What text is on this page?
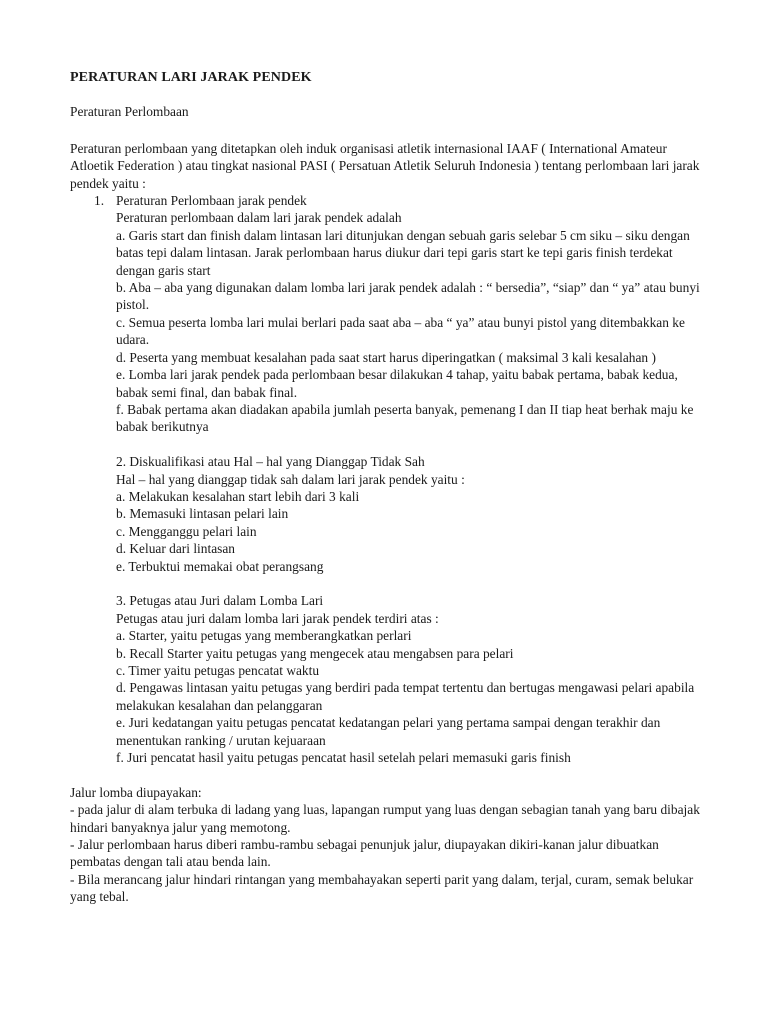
PERATURAN LARI JARAK PENDEK

Peraturan Perlombaan

Peraturan perlombaan yang ditetapkan oleh induk organisasi atletik internasional IAAF ( International Amateur Atloetik Federation ) atau tingkat nasional PASI ( Persatuan Atletik Seluruh Indonesia ) tentang perlombaan lari jarak pendek yaitu :

1. Peraturan Perlombaan jarak pendek

Peraturan perlombaan dalam lari jarak pendek adalah

a. Garis start dan finish dalam lintasan lari ditunjukan dengan sebuah garis selebar 5 cm siku – siku dengan batas tepi dalam lintasan. Jarak perlombaan harus diukur dari tepi garis start ke tepi garis finish terdekat dengan garis start

b. Aba – aba yang digunakan dalam lomba lari jarak pendek adalah : “ bersedia”, “siap” dan “ ya” atau bunyi pistol.

c. Semua peserta lomba lari mulai berlari pada saat aba – aba “ ya” atau bunyi pistol yang ditembakkan ke udara.

d. Peserta yang membuat kesalahan pada saat start harus diperingatkan ( maksimal 3 kali kesalahan )

e. Lomba lari jarak pendek pada perlombaan besar dilakukan 4 tahap, yaitu babak pertama, babak kedua, babak semi final, dan babak final.

f. Babak pertama akan diadakan apabila jumlah peserta banyak, pemenang I dan II tiap heat berhak maju ke babak berikutnya

2. Diskualifikasi atau Hal – hal yang Dianggap Tidak Sah

Hal – hal yang dianggap tidak sah dalam lari jarak pendek yaitu :

a. Melakukan kesalahan start lebih dari 3 kali

b. Memasuki lintasan pelari lain

c. Mengganggu pelari lain

d. Keluar dari lintasan

e. Terbuktui memakai obat perangsang

3. Petugas atau Juri dalam Lomba Lari

Petugas atau juri dalam lomba lari jarak pendek terdiri atas :

a. Starter, yaitu petugas yang memberangkatkan perlari

b. Recall Starter yaitu petugas yang mengecek atau mengabsen para pelari

c. Timer yaitu petugas pencatat waktu

d. Pengawas lintasan yaitu petugas yang berdiri pada tempat tertentu dan bertugas mengawasi pelari apabila melakukan kesalahan dan pelanggaran

e. Juri kedatangan yaitu petugas pencatat kedatangan pelari yang pertama sampai dengan terakhir dan menentukan ranking / urutan kejuaraan

f. Juri pencatat hasil yaitu petugas pencatat hasil setelah pelari memasuki garis finish

Jalur lomba diupayakan:

- pada jalur di alam terbuka di ladang yang luas, lapangan rumput yang luas dengan sebagian tanah yang baru dibajak hindari banyaknya jalur yang memotong.

- Jalur perlombaan harus diberi rambu-rambu sebagai penunjuk jalur, diupayakan dikiri-kanan jalur dibuatkan pembatas dengan tali atau benda lain.

- Bila merancang jalur hindari rintangan yang membahayakan seperti parit yang dalam, terjal, curam, semak belukar yang tebal.
